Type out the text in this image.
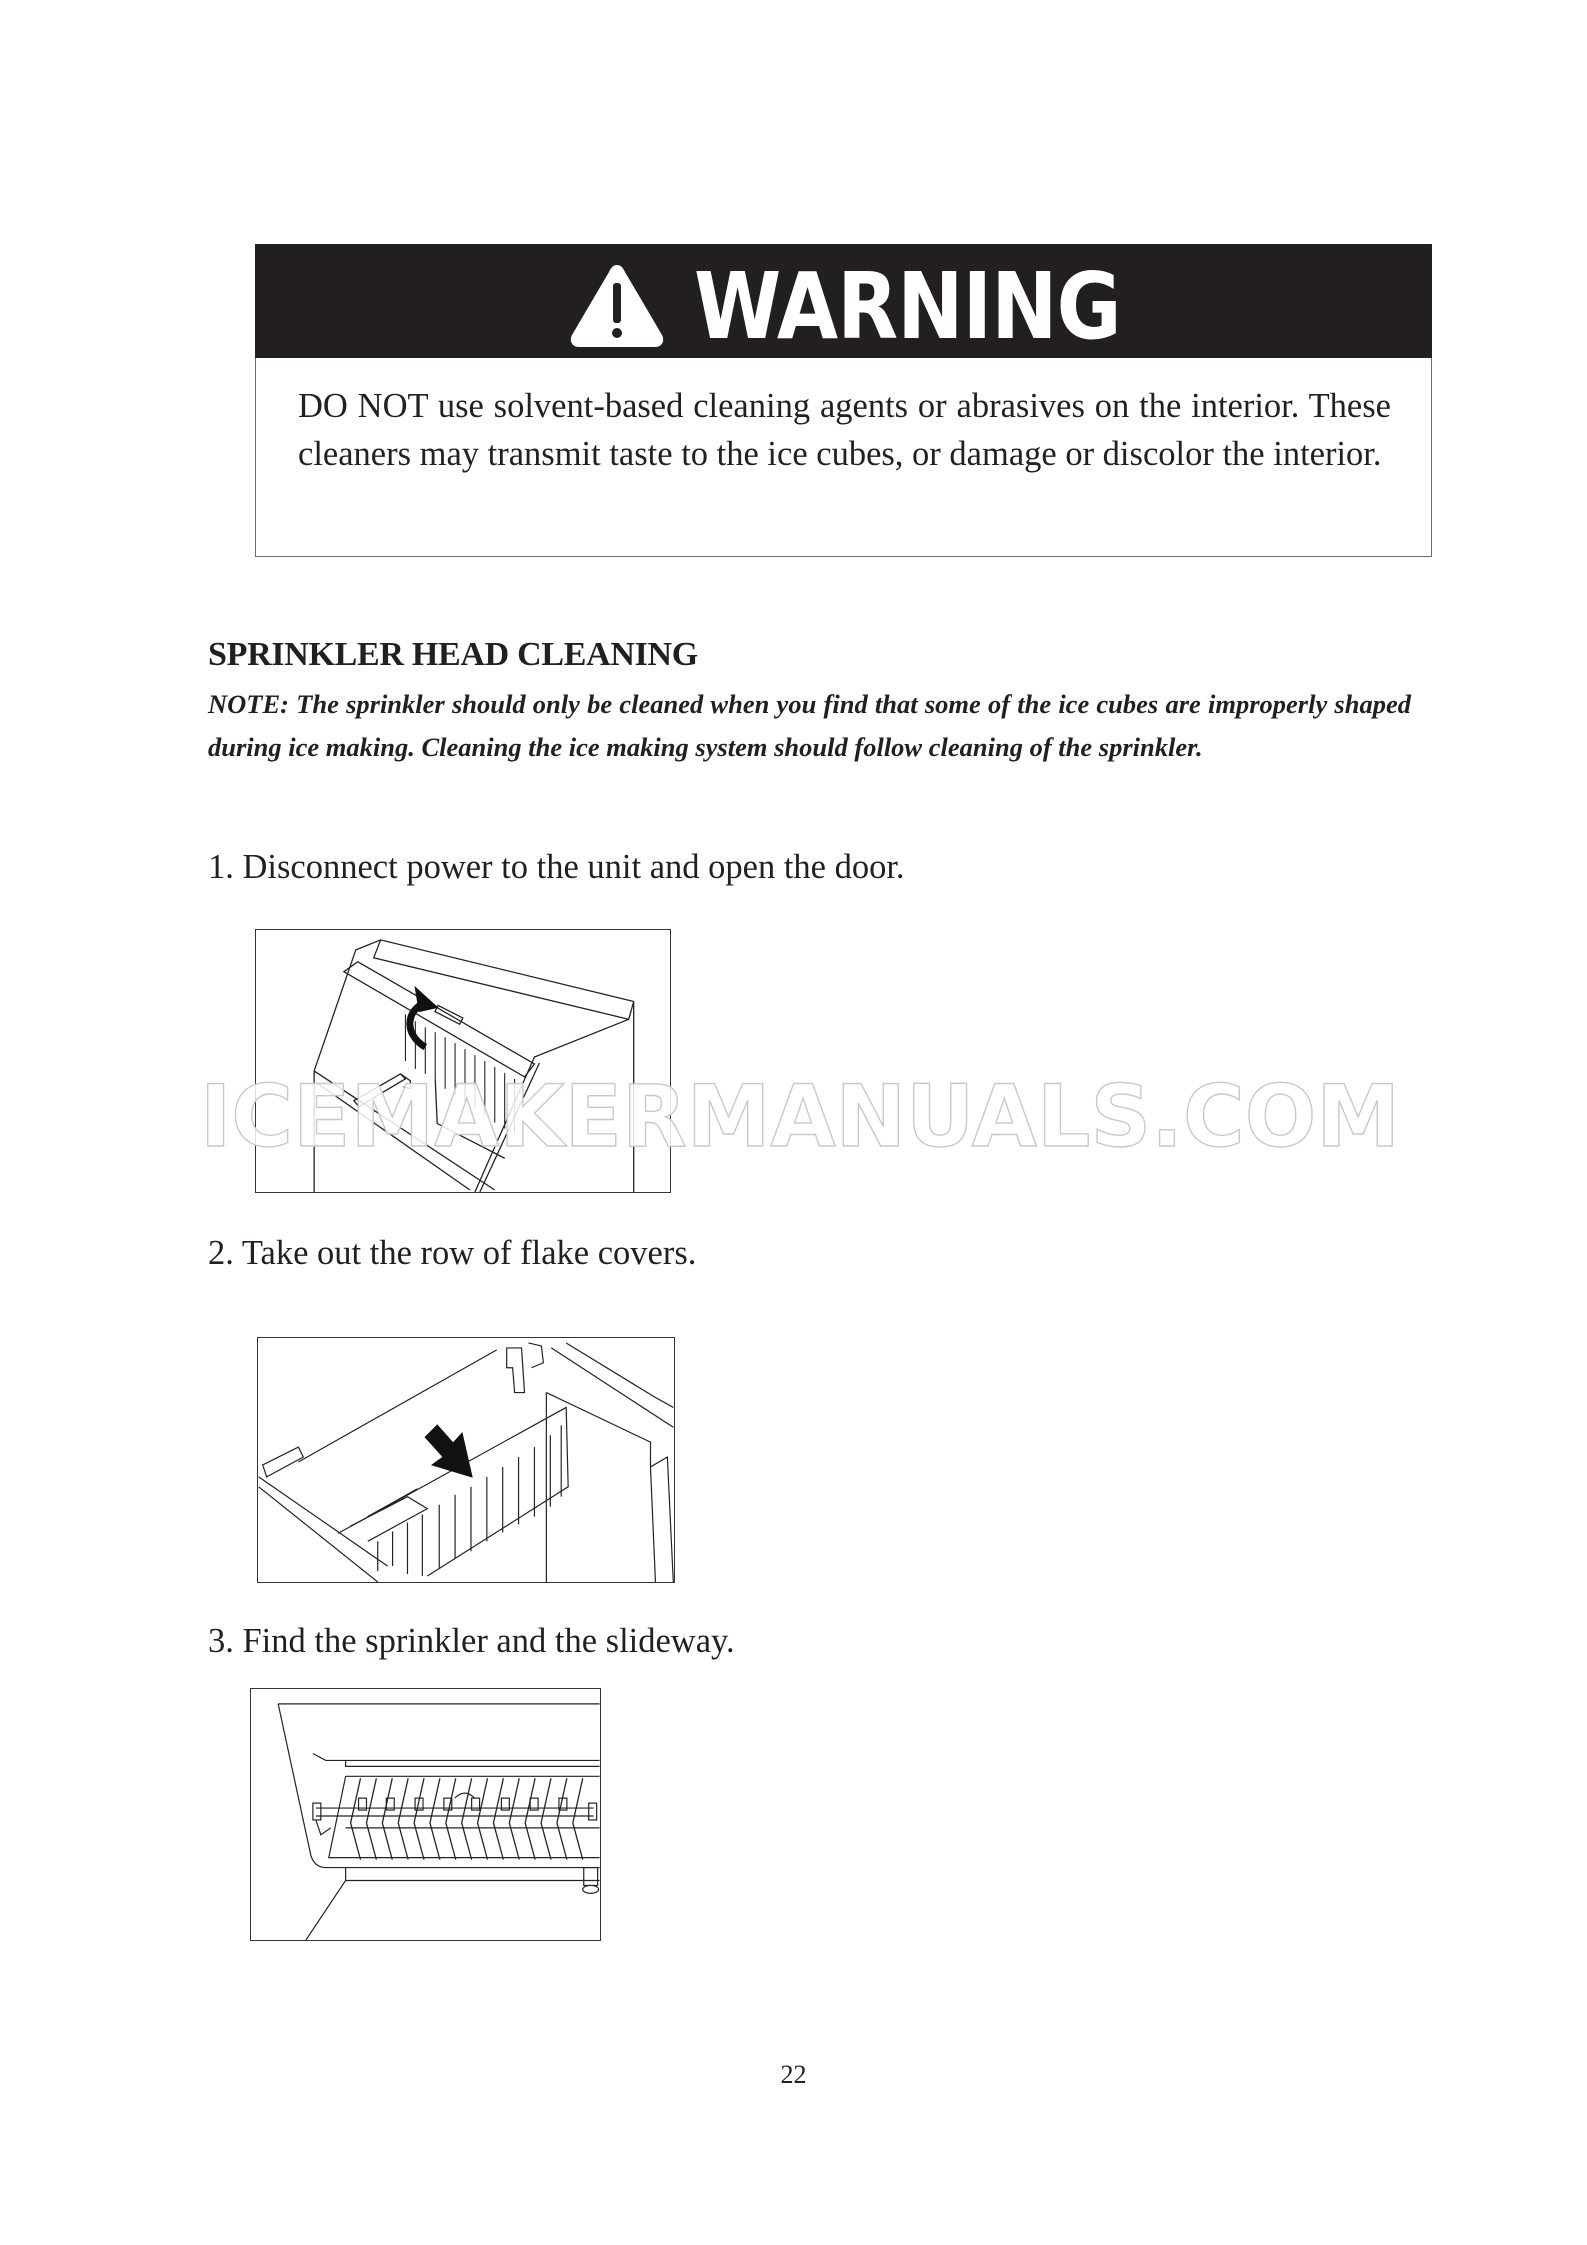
WARNING
DO NOT use solvent-based cleaning agents or abrasives on the interior. These cleaners may transmit taste to the ice cubes, or damage or discolor the interior.
SPRINKLER HEAD CLEANING
NOTE: The sprinkler should only be cleaned when you find that some of the ice cubes are improperly shaped during ice making. Cleaning the ice making system should follow cleaning of the sprinkler.
1. Disconnect power to the unit and open the door.
2. Take out the row of flake covers.
3. Find the sprinkler and the slideway.
ICEMAKERMANUALS.COM
22
